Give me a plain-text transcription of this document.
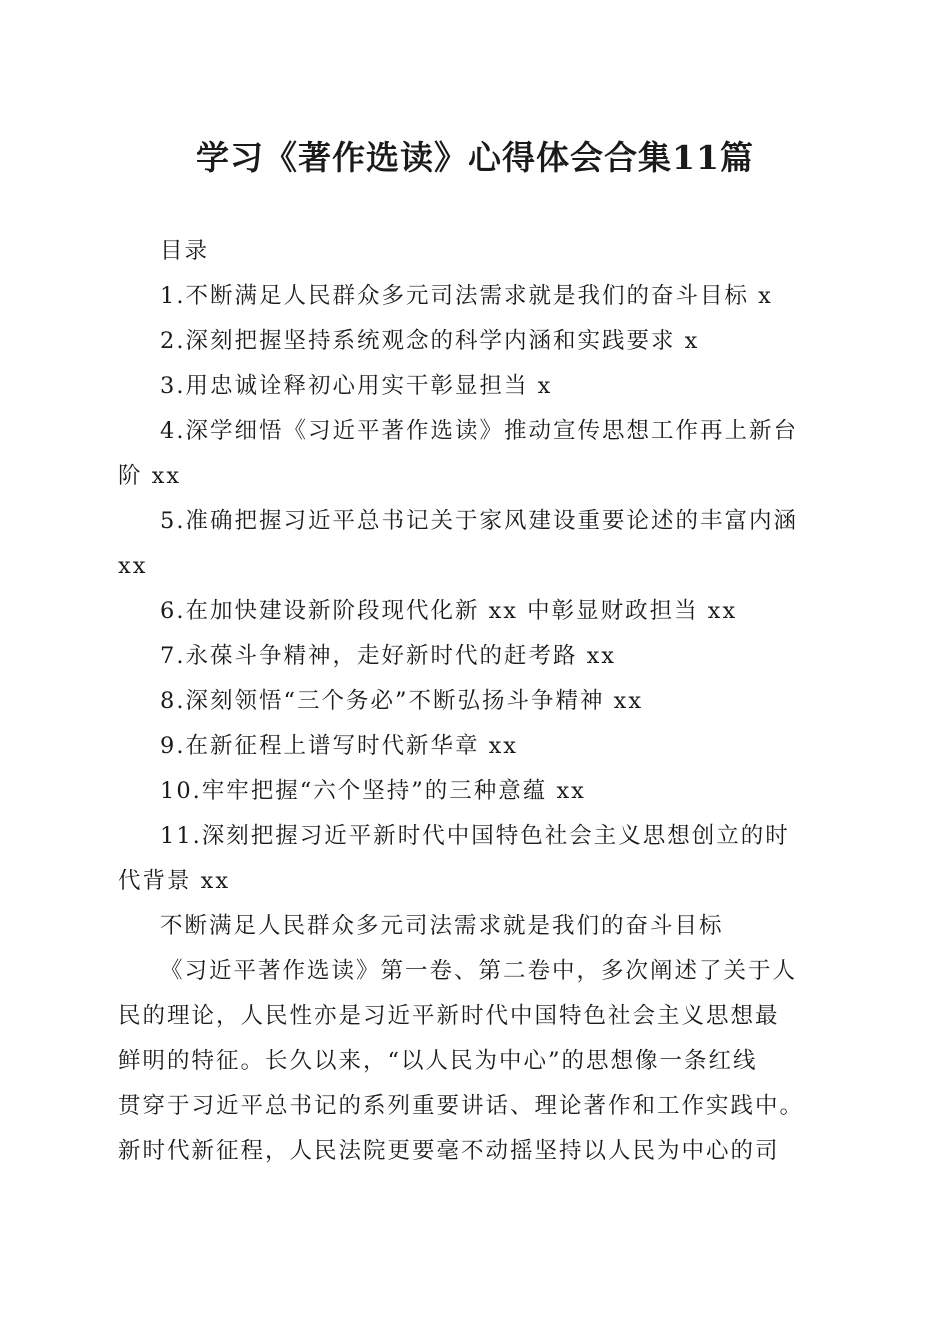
学习《著作选读》心得体会合集11篇

目录

1.不断满足人民群众多元司法需求就是我们的奋斗目标 x

2.深刻把握坚持系统观念的科学内涵和实践要求 x

3.用忠诚诠释初心用实干彰显担当 x

4.深学细悟《习近平著作选读》推动宣传思想工作再上新台

阶 xx

5.准确把握习近平总书记关于家风建设重要论述的丰富内涵

xx

6.在加快建设新阶段现代化新 xx 中彰显财政担当 xx

7.永葆斗争精神，走好新时代的赶考路 xx

8.深刻领悟“三个务必”不断弘扬斗争精神 xx

9.在新征程上谱写时代新华章 xx

10.牢牢把握“六个坚持”的三种意蕴 xx

11.深刻把握习近平新时代中国特色社会主义思想创立的时

代背景 xx

不断满足人民群众多元司法需求就是我们的奋斗目标

《习近平著作选读》第一卷、第二卷中，多次阐述了关于人

民的理论，人民性亦是习近平新时代中国特色社会主义思想最

鲜明的特征。长久以来，“以人民为中心”的思想像一条红线

贯穿于习近平总书记的系列重要讲话、理论著作和工作实践中。

新时代新征程，人民法院更要毫不动摇坚持以人民为中心的司
